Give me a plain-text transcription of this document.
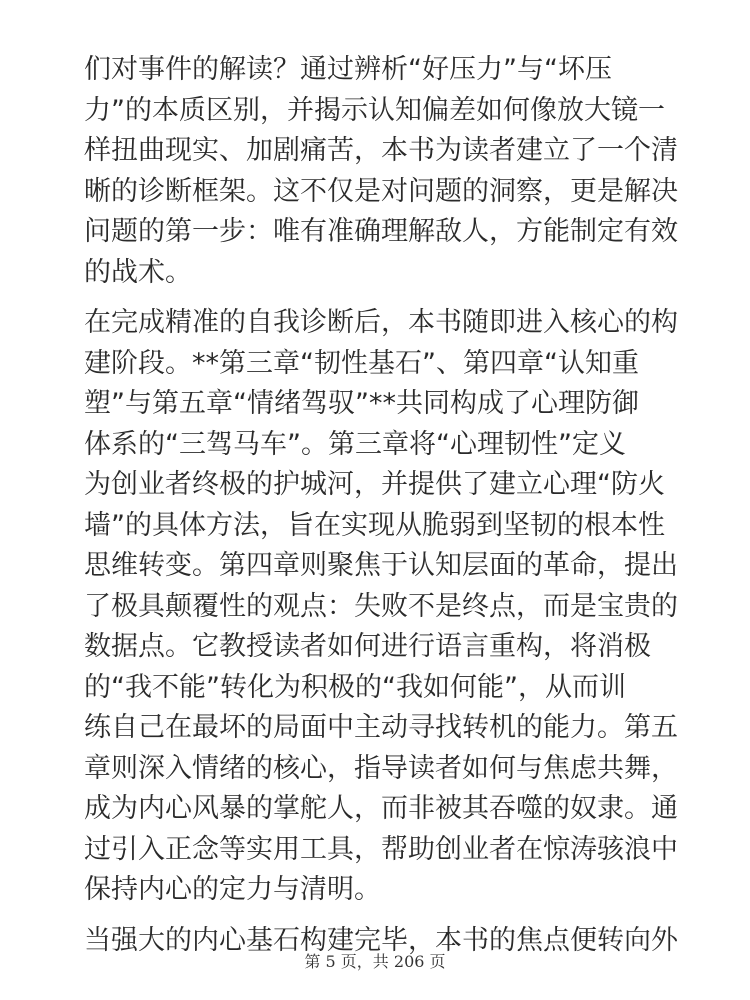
们对事件的解读？通过辨析“好压力”与“坏压
力”的本质区别，并揭示认知偏差如何像放大镜一
样扭曲现实、加剧痛苦，本书为读者建立了一个清
晰的诊断框架。这不仅是对问题的洞察，更是解决
问题的第一步：唯有准确理解敌人，方能制定有效
的战术。

在完成精准的自我诊断后，本书随即进入核心的构
建阶段。**第三章“韧性基石”、第四章“认知重
塑”与第五章“情绪驾驭”**共同构成了心理防御
体系的“三驾马车”。第三章将“心理韧性”定义
为创业者终极的护城河，并提供了建立心理“防火
墙”的具体方法，旨在实现从脆弱到坚韧的根本性
思维转变。第四章则聚焦于认知层面的革命，提出
了极具颠覆性的观点：失败不是终点，而是宝贵的
数据点。它教授读者如何进行语言重构，将消极
的“我不能”转化为积极的“我如何能”，从而训
练自己在最坏的局面中主动寻找转机的能力。第五
章则深入情绪的核心，指导读者如何与焦虑共舞，
成为内心风暴的掌舵人，而非被其吞噬的奴隶。通
过引入正念等实用工具，帮助创业者在惊涛骇浪中
保持内心的定力与清明。

当强大的内心基石构建完毕，本书的焦点便转向外

第 5 页，共 206 页
